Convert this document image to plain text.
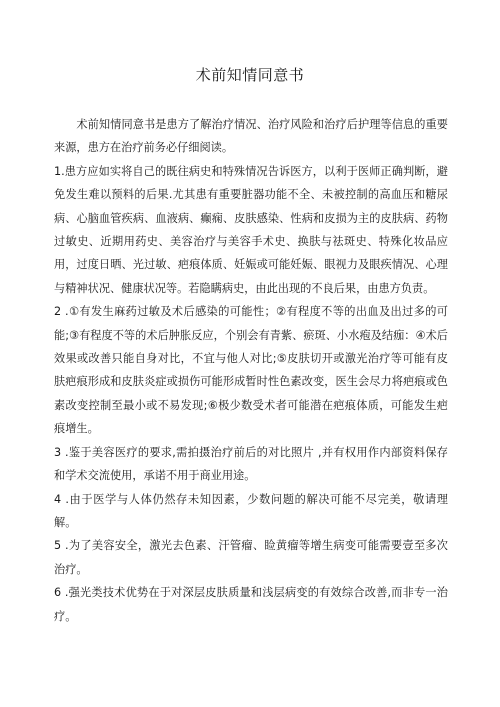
术前知情同意书

术前知情同意书是患方了解治疗情况、治疗风险和治疗后护理等信息的重要来源，患方在治疗前务必仔细阅读。

1.患方应如实将自己的既往病史和特殊情况告诉医方，以利于医师正确判断，避免发生难以预料的后果.尤其患有重要脏器功能不全、未被控制的高血压和糖尿病、心脑血管疾病、血液病、癫痫、皮肤感染、性病和皮损为主的皮肤病、药物过敏史、近期用药史、美容治疗与美容手术史、换肤与祛斑史、特殊化妆品应用，过度日晒、光过敏、疤痕体质、妊娠或可能妊娠、眼视力及眼疾情况、心理与精神状况、健康状况等。若隐瞒病史，由此出现的不良后果，由患方负责。

2 .①有发生麻药过敏及术后感染的可能性；②有程度不等的出血及出过多的可能;③有程度不等的术后肿胀反应，个别会有青紫、瘀斑、小水疱及结痂：④术后效果或改善只能自身对比，不宜与他人对比;⑤皮肤切开或激光治疗等可能有皮肤疤痕形成和皮肤炎症或损伤可能形成暂时性色素改变，医生会尽力将疤痕或色素改变控制至最小或不易发现;⑥极少数受术者可能潜在疤痕体质，可能发生疤痕增生。

3 .鉴于美容医疗的要求,需拍摄治疗前后的对比照片 ,并有权用作内部资料保存和学术交流使用，承诺不用于商业用途。

4 .由于医学与人体仍然存未知因素，少数问题的解决可能不尽完美，敬请理解。

5 .为了美容安全，激光去色素、汗管瘤、睑黄瘤等增生病变可能需要壹至多次治疗。

6 .强光类技术优势在于对深层皮肤质量和浅层病变的有效综合改善,而非专一治疗。
